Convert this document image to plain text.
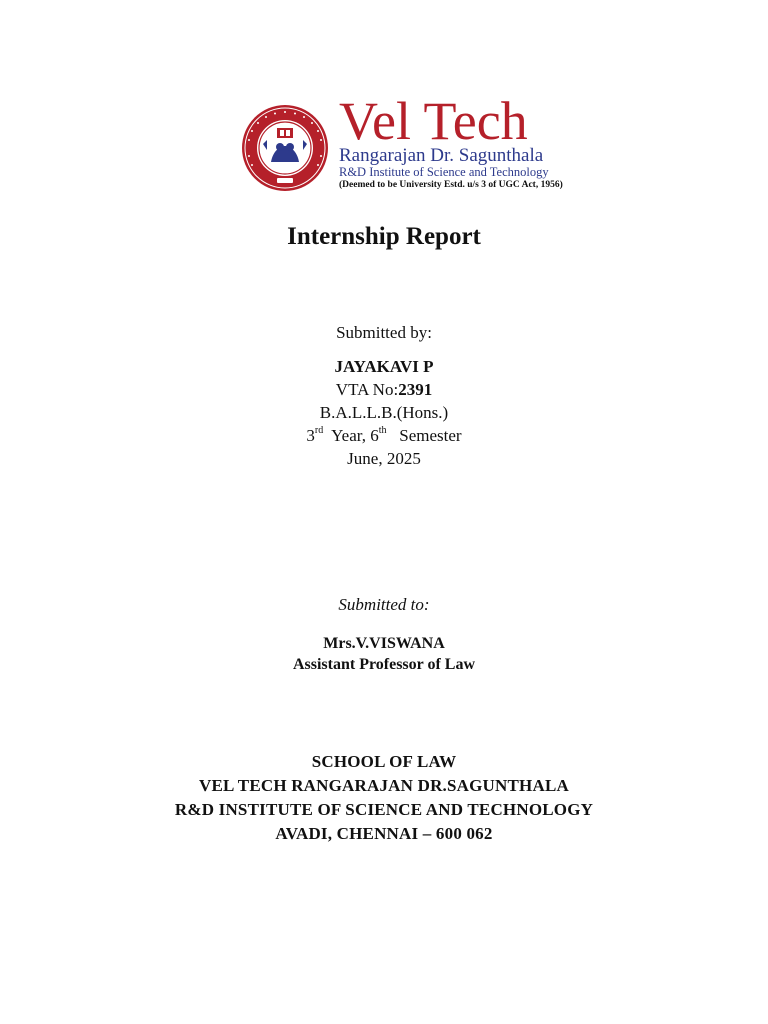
Vel Tech
Rangarajan Dr. Sagunthala
R&D Institute of Science and Technology
(Deemed to be University Estd. u/s 3 of UGC Act, 1956)
Internship Report
Submitted by:
JAYAKAVI P
VTA No:2391
B.A.L.L.B.(Hons.)
3rd Year, 6th Semester
June, 2025
Submitted to:
Mrs.V.VISWANA
Assistant Professor of Law
SCHOOL OF LAW
VEL TECH RANGARAJAN DR.SAGUNTHALA
R&D INSTITUTE OF SCIENCE AND TECHNOLOGY
AVADI, CHENNAI – 600 062
